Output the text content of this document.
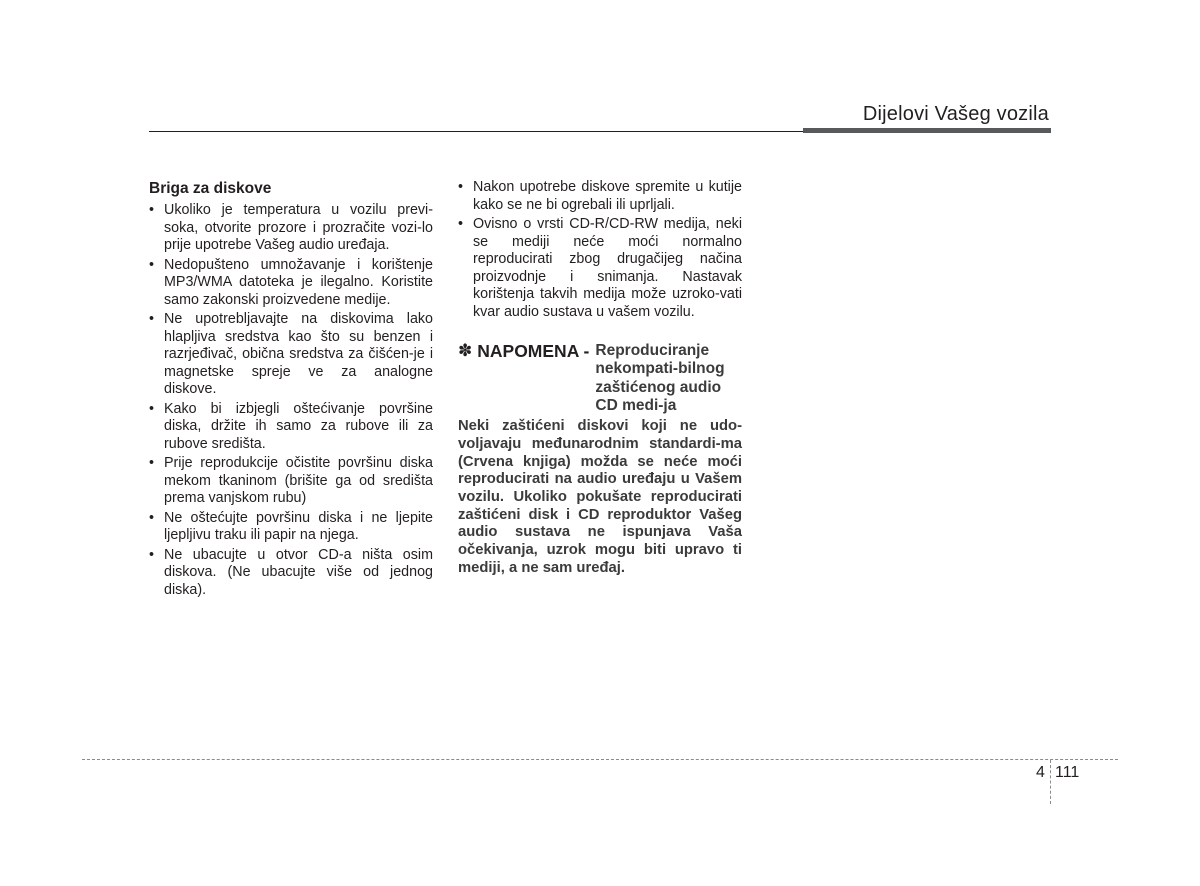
Dijelovi Vašeg vozila
Briga za diskove
• Ukoliko je temperatura u vozilu previ-soka, otvorite prozore i prozračite vozi-lo prije upotrebe Vašeg audio uređaja.
• Nedopušteno umnožavanje i korištenje MP3/WMA datoteka je ilegalno. Koristite samo zakonski proizvedene medije.
• Ne upotrebljavajte na diskovima lako hlapljiva sredstva kao što su benzen i razrjeđivač, obična sredstva za čišćen-je i magnetske spreje ve za analogne diskove.
• Kako bi izbjegli oštećivanje površine diska, držite ih samo za rubove ili za rubove središta.
• Prije reprodukcije očistite površinu diska mekom tkaninom (brišite ga od središta prema vanjskom rubu)
• Ne oštećujte površinu diska i ne ljepite ljepljivu traku ili papir na njega.
• Ne ubacujte u otvor CD-a ništa osim diskova. (Ne ubacujte više od jednog diska).
• Nakon upotrebe diskove spremite u kutije kako se ne bi ogrebali ili uprljali.
• Ovisno o vrsti CD-R/CD-RW medija, neki se mediji neće moći normalno reproducirati zbog drugačijeg načina proizvodnje i snimanja. Nastavak korištenja takvih medija može uzroko-vati kvar audio sustava u vašem vozilu.
✽ NAPOMENA - Reproduciranje nekompati-bilnog zaštićenog audio CD medi-ja
Neki zaštićeni diskovi koji ne udo-voljavaju međunarodnim standardi-ma (Crvena knjiga) možda se neće moći reproducirati na audio uređaju u Vašem vozilu. Ukoliko pokušate reproducirati zaštićeni disk i CD reproduktor Vašeg audio sustava ne ispunjava Vaša očekivanja, uzrok mogu biti upravo ti mediji, a ne sam uređaj.
4 111
